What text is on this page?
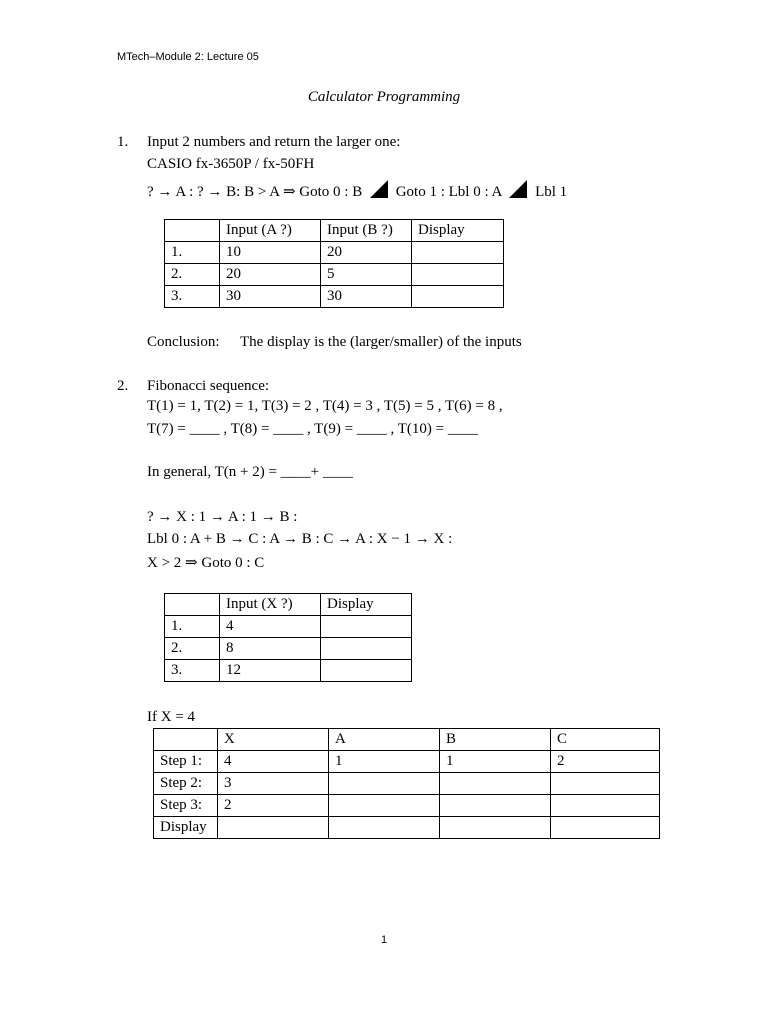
MTech–Module 2: Lecture 05
Calculator Programming
1. Input 2 numbers and return the larger one:
CASIO fx-3650P / fx-50FH
? → A : ? → B: B > A ⇒ Goto 0 : B Goto 1 : Lbl 0 : A Lbl 1
	Input (A ?)	Input (B ?)	Display
1.	10	20	
2.	20	5	
3.	30	30	
Conclusion: The display is the (larger/smaller) of the inputs
2. Fibonacci sequence:
T(1) = 1, T(2) = 1, T(3) = 2 , T(4) = 3 , T(5) = 5 , T(6) = 8 ,
T(7) = ____ , T(8) = ____ , T(9) = ____ , T(10) = ____
In general, T(n + 2) = ____+ ____
? → X : 1 → A : 1 → B :
Lbl 0 : A + B → C : A → B : C → A : X − 1 → X :
X > 2 ⇒ Goto 0 : C
	Input (X ?)	Display
1.	4	
2.	8	
3.	12	
If X = 4
	X	A	B	C
Step 1:	4	1	1	2
Step 2:	3			
Step 3:	2			
Display				
1
